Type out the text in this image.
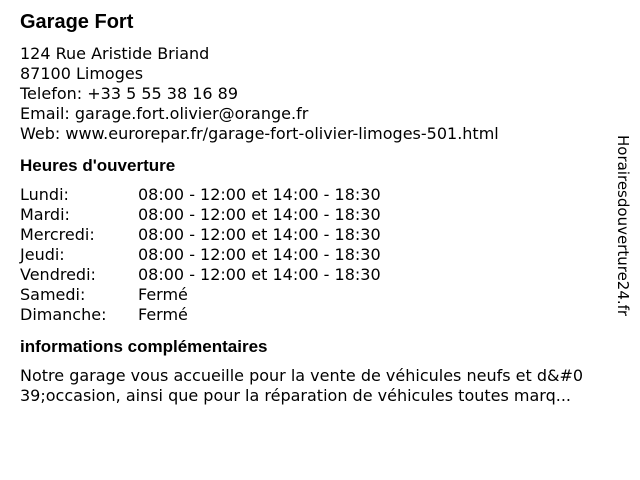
Garage Fort
124 Rue Aristide Briand
87100 Limoges
Telefon: +33 5 55 38 16 89
Email: garage.fort.olivier@orange.fr
Web: www.eurorepar.fr/garage-fort-olivier-limoges-501.html
Heures d'ouverture
Lundi:	08:00 - 12:00 et 14:00 - 18:30
Mardi:	08:00 - 12:00 et 14:00 - 18:30
Mercredi:	08:00 - 12:00 et 14:00 - 18:30
Jeudi:	08:00 - 12:00 et 14:00 - 18:30
Vendredi:	08:00 - 12:00 et 14:00 - 18:30
Samedi:	Fermé
Dimanche:	Fermé
informations complémentaires
Notre garage vous accueille pour la vente de véhicules neufs et d&#0
39;occasion, ainsi que pour la réparation de véhicules toutes marq...
Horairesdouverture24.fr
